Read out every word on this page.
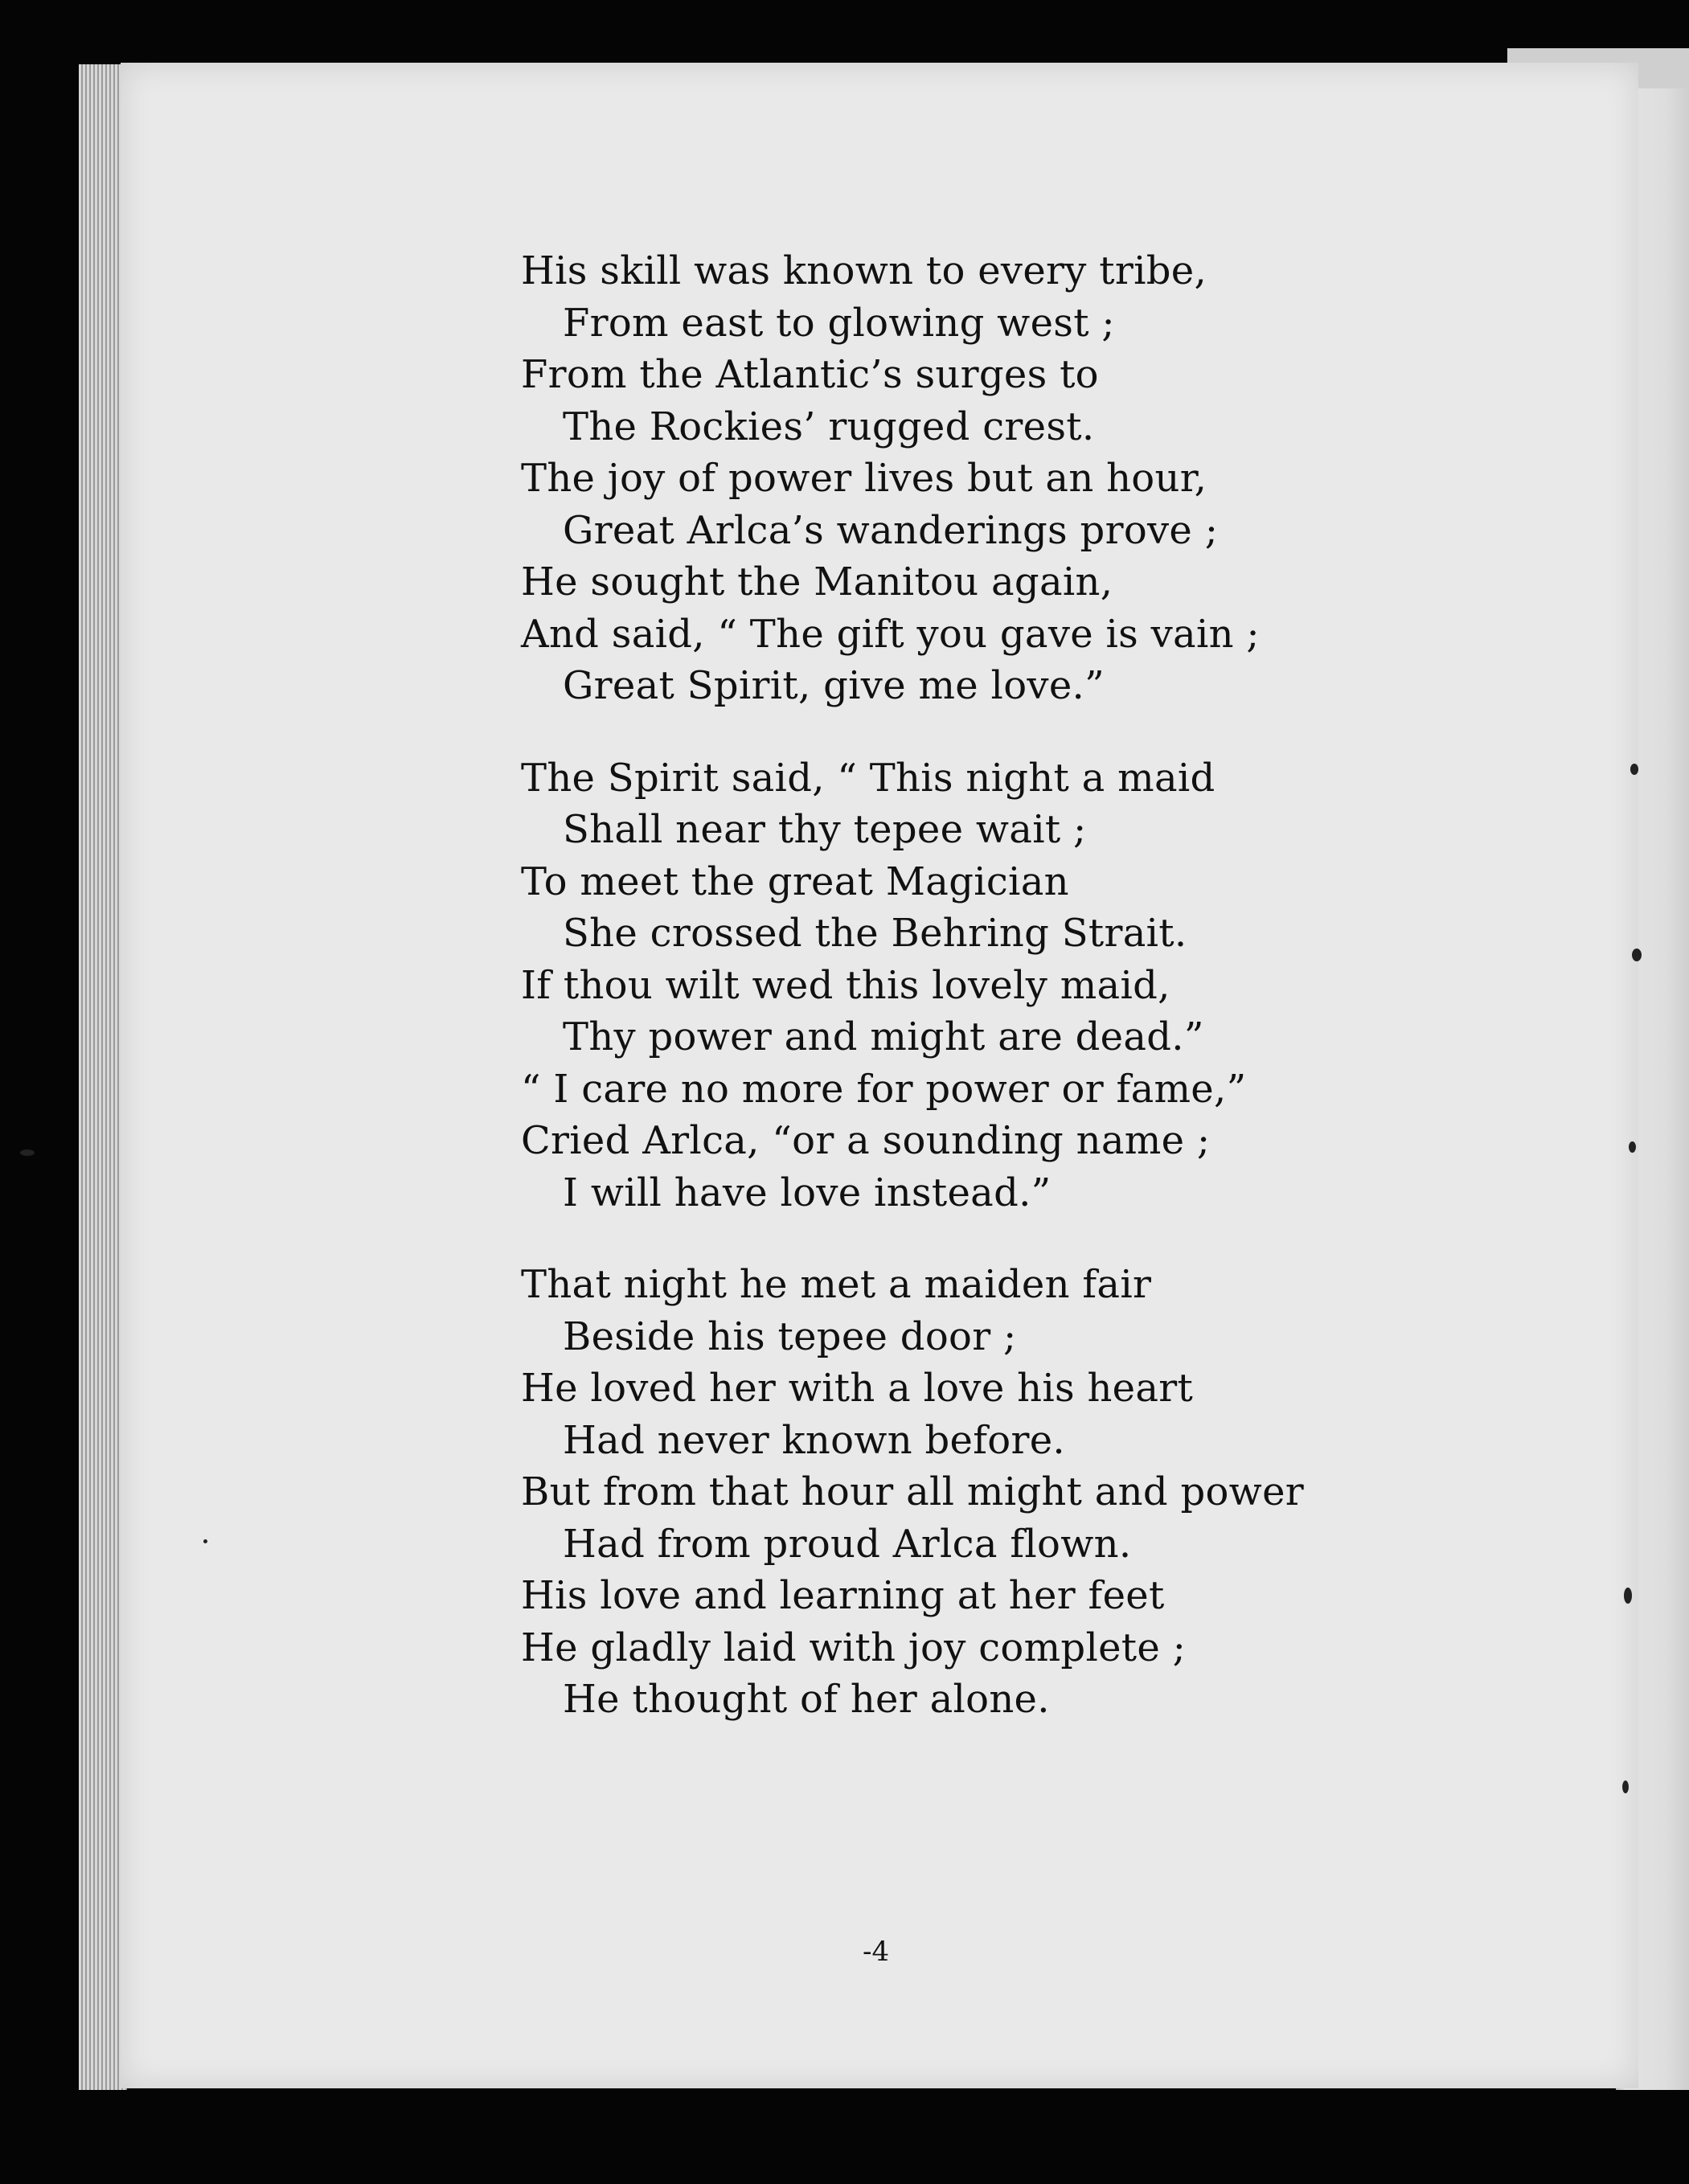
His skill was known to every tribe,
From east to glowing west ;
From the Atlantic’s surges to
The Rockies’ rugged crest.
The joy of power lives but an hour,
Great Arlca’s wanderings prove ;
He sought the Manitou again,
And said, “ The gift you gave is vain ;
Great Spirit, give me love.”
The Spirit said, “ This night a maid
Shall near thy tepee wait ;
To meet the great Magician
She crossed the Behring Strait.
If thou wilt wed this lovely maid,
Thy power and might are dead.”
“ I care no more for power or fame,”
Cried Arlca, “or a sounding name ;
I will have love instead.”
That night he met a maiden fair
Beside his tepee door ;
He loved her with a love his heart
Had never known before.
But from that hour all might and power
Had from proud Arlca flown.
His love and learning at her feet
He gladly laid with joy complete ;
He thought of her alone.
-4
